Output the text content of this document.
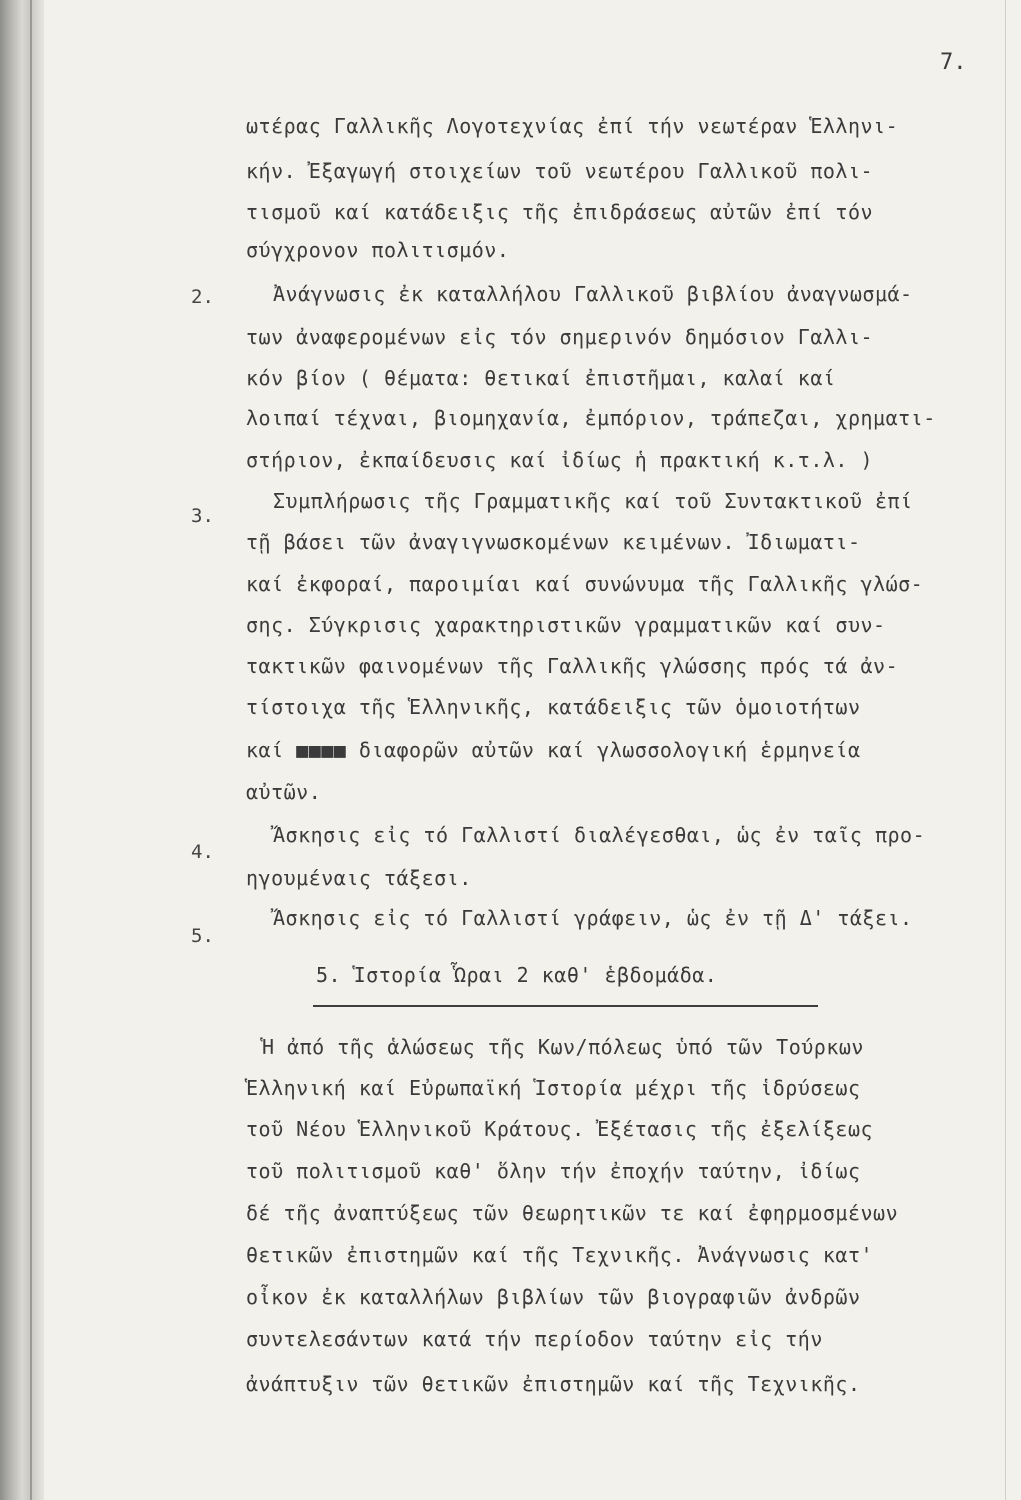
7.
ωτέρας Γαλλικῆς Λογοτεχνίας ἐπί τήν νεωτέραν Ἑλληνι-
κήν. Ἐξαγωγή στοιχείων τοῦ νεωτέρου Γαλλικοῦ πολι-
τισμοῦ καί κατάδειξις τῆς ἐπιδράσεως αὐτῶν ἐπί τόν
σύγχρονον πολιτισμόν.
2.	Ἀνάγνωσις ἐκ καταλλήλου Γαλλικοῦ βιβλίου ἀναγνωσμά-
των ἀναφερομένων εἰς τόν σημερινόν δημόσιον Γαλλι-
κόν βίον ( θέματα: θετικαί ἐπιστῆμαι, καλαί καί
λοιπαί τέχναι, βιομηχανία, ἐμπόριον, τράπεζαι, χρηματι-
στήριον, ἐκπαίδευσις καί ἰδίως ἡ πρακτική κ.τ.λ. )
3.
Συμπλήρωσις τῆς Γραμματικῆς καί τοῦ Συντακτικοῦ ἐπί
τῇ βάσει τῶν ἀναγιγνωσκομένων κειμένων. Ἰδιωματι-
καί ἐκφοραί, παροιμίαι καί συνώνυμα τῆς Γαλλικῆς γλώσ-
σης. Σύγκρισις χαρακτηριστικῶν γραμματικῶν καί συν-
τακτικῶν φαινομένων τῆς Γαλλικῆς γλώσσης πρός τά ἀν-
τίστοιχα τῆς Ἑλληνικῆς, κατάδειξις τῶν ὁμοιοτήτων
καί ■■■■ διαφορῶν αὐτῶν καί γλωσσολογική ἑρμηνεία
αὐτῶν.
4.
Ἄσκησις εἰς τό Γαλλιστί διαλέγεσθαι, ὡς ἐν ταῖς προ-
ηγουμέναις τάξεσι.
5.
Ἄσκησις εἰς τό Γαλλιστί γράφειν, ὡς ἐν τῇ Δ' τάξει.
5. Ἱστορία Ὧραι 2 καθ' ἑβδομάδα.
Ἡ ἀπό τῆς ἁλώσεως τῆς Κων/πόλεως ὑπό τῶν Τούρκων
Ἑλληνική καί Εὐρωπαϊκή Ἱστορία μέχρι τῆς ἱδρύσεως
τοῦ Νέου Ἑλληνικοῦ Κράτους. Ἐξέτασις τῆς ἐξελίξεως
τοῦ πολιτισμοῦ καθ' ὅλην τήν ἐποχήν ταύτην, ἰδίως
δέ τῆς ἀναπτύξεως τῶν θεωρητικῶν τε καί ἐφηρμοσμένων
θετικῶν ἐπιστημῶν καί τῆς Τεχνικῆς. Ἀνάγνωσις κατ'
οἶκον ἐκ καταλλήλων βιβλίων τῶν βιογραφιῶν ἀνδρῶν
συντελεσάντων κατά τήν περίοδον ταύτην εἰς τήν
ἀνάπτυξιν τῶν θετικῶν ἐπιστημῶν καί τῆς Τεχνικῆς.
